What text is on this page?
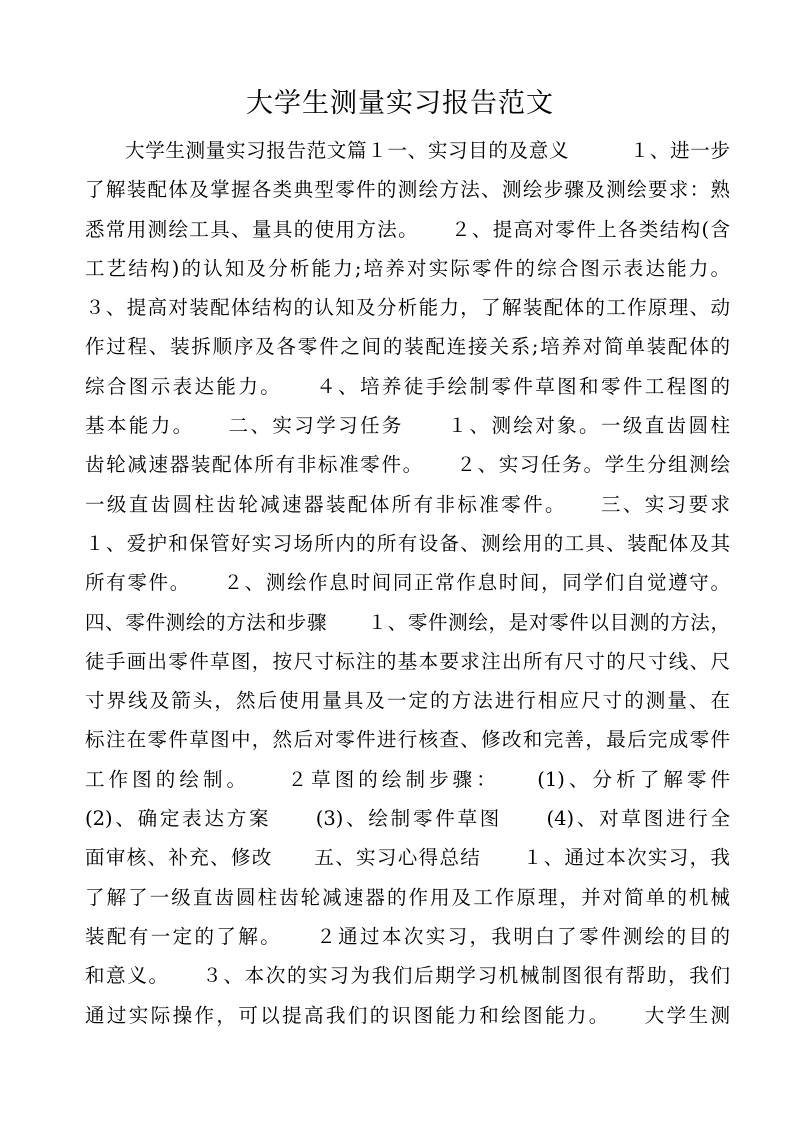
大学生测量实习报告范文
大学生测量实习报告范文篇１一、实习目的及意义　　　１、进一步
了解装配体及掌握各类典型零件的测绘方法、测绘步骤及测绘要求：熟
悉常用测绘工具、量具的使用方法。　　２、提高对零件上各类结构(含
工艺结构)的认知及分析能力;培养对实际零件的综合图示表达能力。
３、提高对装配体结构的认知及分析能力，了解装配体的工作原理、动
作过程、装拆顺序及各零件之间的装配连接关系;培养对简单装配体的
综合图示表达能力。　　４、培养徒手绘制零件草图和零件工程图的
基本能力。　　二、实习学习任务　　１、测绘对象。一级直齿圆柱
齿轮减速器装配体所有非标准零件。　　２、实习任务。学生分组测绘
一级直齿圆柱齿轮减速器装配体所有非标准零件。　　三、实习要求
１、爱护和保管好实习场所内的所有设备、测绘用的工具、装配体及其
所有零件。　　２、测绘作息时间同正常作息时间，同学们自觉遵守。
四、零件测绘的方法和步骤　　１、零件测绘，是对零件以目测的方法，
徒手画出零件草图，按尺寸标注的基本要求注出所有尺寸的尺寸线、尺
寸界线及箭头，然后使用量具及一定的方法进行相应尺寸的测量、在
标注在零件草图中，然后对零件进行核查、修改和完善，最后完成零件
工作图的绘制。　　２草图的绘制步骤：　　(1)、分析了解零件
(2)、确定表达方案　　(3)、绘制零件草图　　(4)、对草图进行全
面审核、补充、修改　　五、实习心得总结　　１、通过本次实习，我
了解了一级直齿圆柱齿轮减速器的作用及工作原理，并对简单的机械
装配有一定的了解。　　２通过本次实习，我明白了零件测绘的目的
和意义。　　３、本次的实习为我们后期学习机械制图很有帮助，我们
通过实际操作，可以提高我们的识图能力和绘图能力。　　大学生测
